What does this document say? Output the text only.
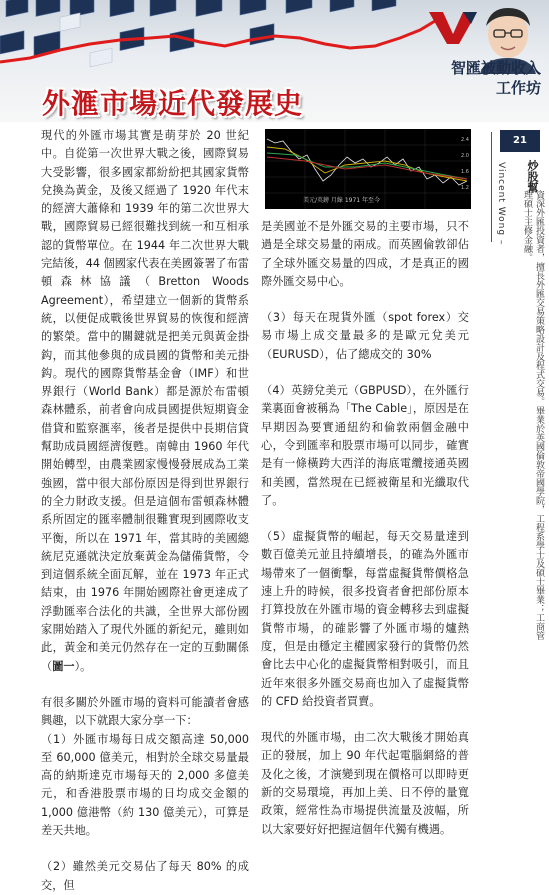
智匯被動收入
工作坊
外滙市場近代發展史

現代的外匯市場其實是萌芽於 20 世紀中。自從第一次世界大戰之後，國際貿易大受影響，很多國家都紛紛把其國家貨幣兌換為黃金，及後又經過了 1920 年代末的經濟大蕭條和 1939 年的第二次世界大戰，國際貿易已經很難找到統一和互相承認的貨幣單位。在 1944 年二次世界大戰完結後，44 個國家代表在美國簽署了布雷頓森林協議（Bretton Woods Agreement），希望建立一個新的貨幣系統，以便促成戰後世界貿易的恢復和經濟的繁榮。當中的關鍵就是把美元與黃金掛鈎，而其他參與的成員國的貨幣和美元掛鈎。現代的國際貨幣基金會（IMF）和世界銀行（World Bank）都是源於布雷頓森林體系，前者會向成員國提供短期資金借貸和監察滙率，後者是提供中長期信貸幫助成員國經濟復甦。南韓由 1960 年代開始轉型，由農業國家慢慢發展成為工業強國，當中很大部份原因是得到世界銀行的全力財政支援。但是這個布雷頓森林體系所固定的匯率體制很難實現到國際收支平衡，所以在 1971 年，當其時的美國總統尼克遜就決定放棄黃金為儲備貨幣，令到這個系統全面瓦解，並在 1973 年正式結束，由 1976 年開始國際社會更達成了浮動匯率合法化的共識，全世界大部份國家開始踏入了現代外匯的新紀元，雖則如此，黃金和美元仍然存在一定的互動關係（圖一）。

有很多關於外匯市場的資料可能讀者會感興趣，以下就跟大家分享一下：

（1）外匯市場每日成交額高達 50,000 至 60,000 億美元，相對於全球交易量最高的納斯達克市場每天的 2,000 多億美元，和香港股票市場的日均成交金額的 1,000 億港幣（約 130 億美元），可算是差天共地。

（2）雖然美元交易佔了每天 80% 的成交，但

2.4
2.0
1.6
1.2
美元/英鎊 月線 1971 年至今

是美國並不是外匯交易的主要市場，只不過是全球交易量的兩成。而英國倫敦卻佔了全球外匯交易量的四成，才是真正的國際外匯交易中心。

（3）每天在現貨外匯（spot forex）交易市場上成交量最多的是歐元兌美元（EURUSD），佔了總成交的 30%

（4）英鎊兌美元（GBPUSD），在外匯行業裏面會被稱為「The Cable」，原因是在早期因為要實通紐約和倫敦兩個金融中心，令到匯率和股票市場可以同步，確實是有一條橫跨大西洋的海底電纜接通英國和美國，當然現在已經被衛星和光纖取代了。

（5）虛擬貨幣的崛起，每天交易量達到數百億美元並且持續增長，的確為外匯市場帶來了一個衝擊，每當虛擬貨幣價格急速上升的時候，很多投資者會把部份原本打算投放在外匯市場的資金轉移去到虛擬貨幣市場，的確影響了外匯市場的爐熱度，但是由穩定主權國家發行的貨幣仍然會比去中心化的虛擬貨幣相對吸引，而且近年來很多外匯交易商也加入了虛擬貨幣的 CFD 給投資者買賣。

現代的外匯市場，由二次大戰後才開始真正的發展，加上 90 年代起電腦網絡的普及化之後，才演變到現在價格可以即時更新的交易環境，再加上美、日不停的量寬政策，經常性為市場提供流量及波幅，所以大家要好好把握這個年代獨有機遇。

21
Vincent Wong – 炒股幫
資深外匯投資者，擅長外匯交易策略設計及程式交易。畢業於英國倫敦帝國學院，工程系學士及碩士畢業；工商管理碩士主修金融。
